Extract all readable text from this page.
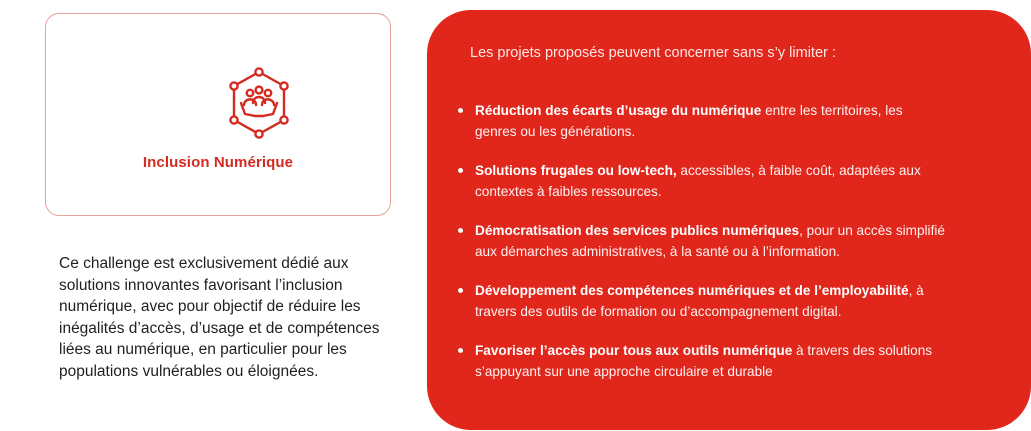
Inclusion Numérique
Ce challenge est exclusivement dédié aux solutions innovantes favorisant l’inclusion numérique, avec pour objectif de réduire les inégalités d’accès, d’usage et de compétences liées au numérique, en particulier pour les populations vulnérables ou éloignées.
Les projets proposés peuvent concerner sans s’y limiter :
Réduction des écarts d’usage du numérique entre les territoires, les genres ou les générations.
Solutions frugales ou low-tech, accessibles, à faible coût, adaptées aux contextes à faibles ressources.
Démocratisation des services publics numériques, pour un accès simplifié aux démarches administratives, à la santé ou à l’information.
Développement des compétences numériques et de l’employabilité, à travers des outils de formation ou d’accompagnement digital.
Favoriser l’accès pour tous aux outils numérique à travers des solutions s’appuyant sur une approche circulaire et durable
